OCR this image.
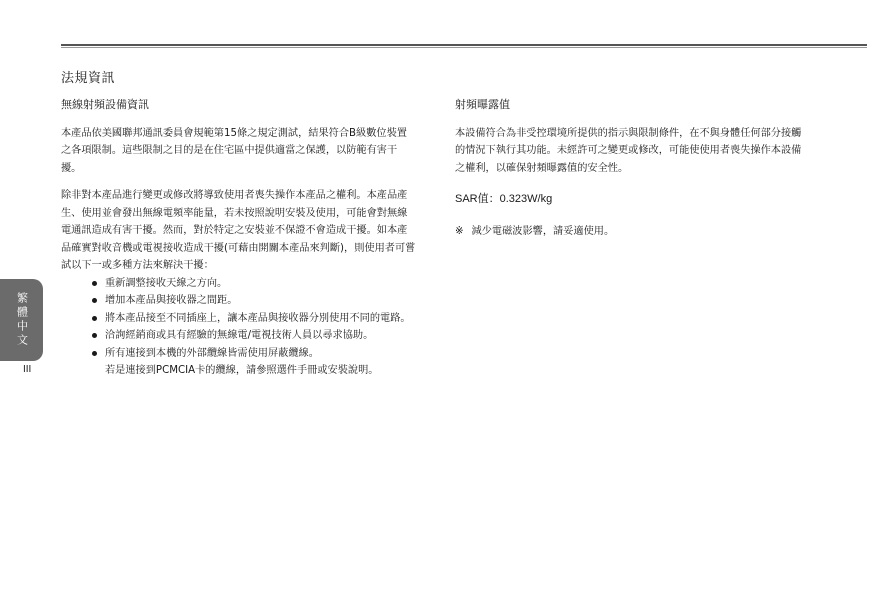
法規資訊
無線射頻設備資訊

本產品依美國聯邦通訊委員會規範第15條之規定測試，結果符合B級數位裝置之各項限制。這些限制之目的是在住宅區中提供適當之保護，以防範有害干擾。

除非對本產品進行變更或修改將導致使用者喪失操作本產品之權利。本產品產生、使用並會發出無線電頻率能量，若未按照說明安裝及使用，可能會對無線電通訊造成有害干擾。然而，對於特定之安裝並不保證不會造成干擾。如本產品確實對收音機或電視接收造成干擾(可藉由開關本產品來判斷)，則使用者可嘗試以下一或多種方法來解決干擾：

重新調整接收天線之方向。
增加本產品與接收器之間距。
將本產品接至不同插座上，讓本產品與接收器分別使用不同的電路。
洽詢經銷商或具有經驗的無線電/電視技術人員以尋求協助。
所有連接到本機的外部纜線皆需使用屏蔽纜線。
若是連接到PCMCIA卡的纜線，請參照選件手冊或安裝說明。
射頻曝露值

本設備符合為非受控環境所提供的指示與限制條件，在不與身體任何部分接觸的情況下執行其功能。未經許可之變更或修改，可能使使用者喪失操作本設備之權利，以確保射頻曝露值的安全性。

SAR值：0.323W/kg
※ 減少電磁波影響，請妥適使用。
繁體中文
III
